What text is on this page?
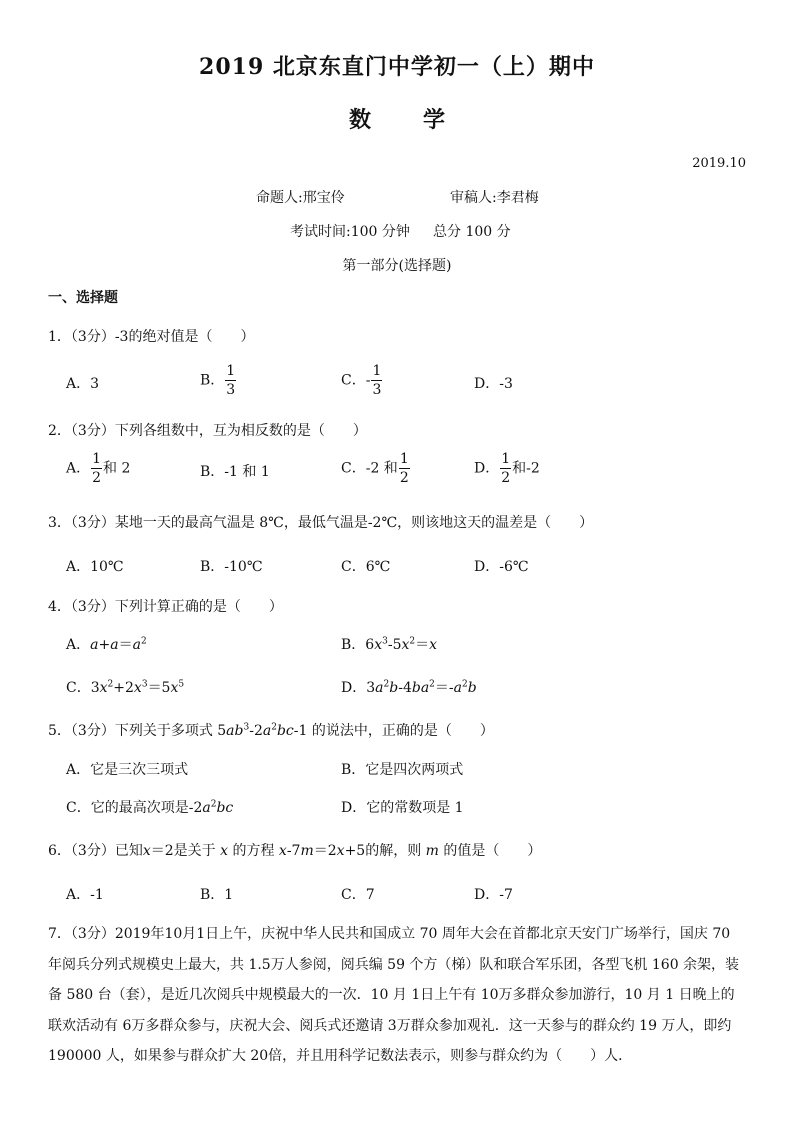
2019 北京东直门中学初一（上）期中
数 学
2019.10
命题人:邢宝伶	审稿人:李君梅
考试时间:100 分钟 总分 100 分
第一部分(选择题)
一、选择题
1．（3分）-3的绝对值是（　　）
A．3	B． $\frac{1}{3}$	C．- $\frac{1}{3}$	D．-3
2．（3分）下列各组数中，互为相反数的是（　　）
A． $\frac{1}{2}$ 和 2	B．-1 和 1	C．-2 和 $\frac{1}{2}$	D． $\frac{1}{2}$ 和-2
3．（3分）某地一天的最高气温是 8℃，最低气温是-2℃，则该地这天的温差是（　　）
A．10℃	B．-10℃	C．6℃	D．-6℃
4．（3分）下列计算正确的是（　　）
A．$a+a=a^2$	B．$6x^3-5x^2=x$
C．$3x^2+2x^3=5x^5$	D．$3a^2b-4ba^2=-a^2b$
5．（3分）下列关于多项式 $5ab^3-2a^2bc-1$ 的说法中，正确的是（　　）
A．它是三次三项式	B．它是四次两项式
C．它的最高次项是$-2a^2bc$	D．它的常数项是 1
6．（3分）已知x＝2是关于 x 的方程 x-7m＝2x+5的解，则 m 的值是（　　）
A．-1	B．1	C．7	D．-7
7．（3分）2019年10月1日上午，庆祝中华人民共和国成立 70 周年大会在首都北京天安门广场举行，国庆 70 年阅兵分列式规模史上最大，共 1.5万人参阅，阅兵编 59 个方（梯）队和联合军乐团，各型飞机 160 余架，装备 580 台（套），是近几次阅兵中规模最大的一次．10 月 1日上午有 10万多群众参加游行，10 月 1 日晚上的联欢活动有 6万多群众参与，庆祝大会、阅兵式还邀请 3万群众参加观礼．这一天参与的群众约 19 万人，即约 190000 人，如果参与群众扩大 20倍，并且用科学记数法表示，则参与群众约为（　　）人．
